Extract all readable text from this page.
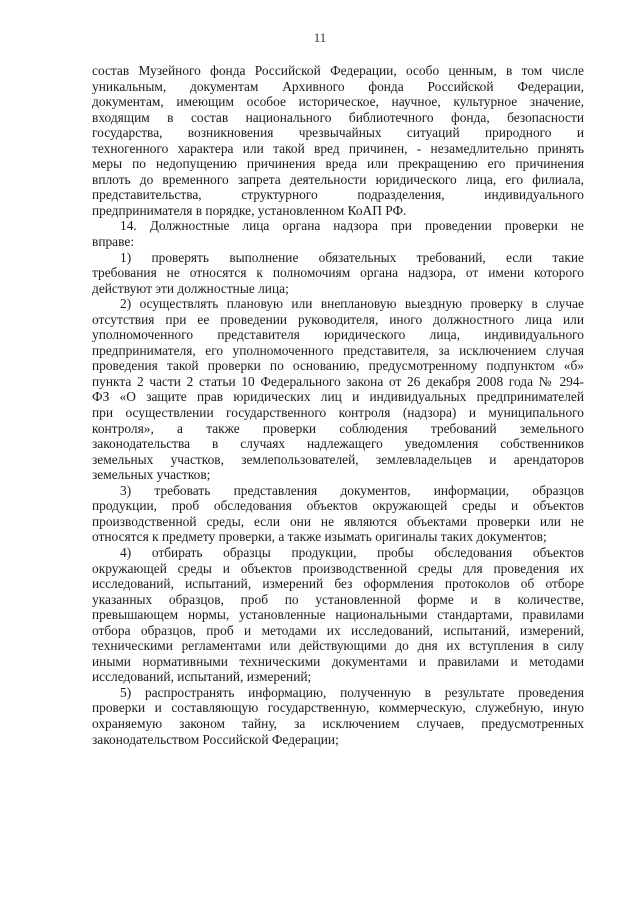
11
состав Музейного фонда Российской Федерации, особо ценным, в том числе
уникальным, документам Архивного фонда Российской Федерации,
документам, имеющим особое историческое, научное, культурное значение,
входящим в состав национального библиотечного фонда, безопасности
государства, возникновения чрезвычайных ситуаций природного и
техногенного характера или такой вред причинен, - незамедлительно принять
меры по недопущению причинения вреда или прекращению его причинения
вплоть до временного запрета деятельности юридического лица, его филиала,
представительства, структурного подразделения, индивидуального
предпринимателя в порядке, установленном КоАП РФ.
14. Должностные лица органа надзора при проведении проверки не
вправе:
1) проверять выполнение обязательных требований, если такие
требования не относятся к полномочиям органа надзора, от имени которого
действуют эти должностные лица;
2) осуществлять плановую или внеплановую выездную проверку в случае
отсутствия при ее проведении руководителя, иного должностного лица или
уполномоченного представителя юридического лица, индивидуального
предпринимателя, его уполномоченного представителя, за исключением случая
проведения такой проверки по основанию, предусмотренному подпунктом «б»
пункта 2 части 2 статьи 10 Федерального закона от 26 декабря 2008 года № 294-
ФЗ «О защите прав юридических лиц и индивидуальных предпринимателей
при осуществлении государственного контроля (надзора) и муниципального
контроля», а также проверки соблюдения требований земельного
законодательства в случаях надлежащего уведомления собственников
земельных участков, землепользователей, землевладельцев и арендаторов
земельных участков;
3) требовать представления документов, информации, образцов
продукции, проб обследования объектов окружающей среды и объектов
производственной среды, если они не являются объектами проверки или не
относятся к предмету проверки, а также изымать оригиналы таких документов;
4) отбирать образцы продукции, пробы обследования объектов
окружающей среды и объектов производственной среды для проведения их
исследований, испытаний, измерений без оформления протоколов об отборе
указанных образцов, проб по установленной форме и в количестве,
превышающем нормы, установленные национальными стандартами, правилами
отбора образцов, проб и методами их исследований, испытаний, измерений,
техническими регламентами или действующими до дня их вступления в силу
иными нормативными техническими документами и правилами и методами
исследований, испытаний, измерений;
5) распространять информацию, полученную в результате проведения
проверки и составляющую государственную, коммерческую, служебную, иную
охраняемую законом тайну, за исключением случаев, предусмотренных
законодательством Российской Федерации;
